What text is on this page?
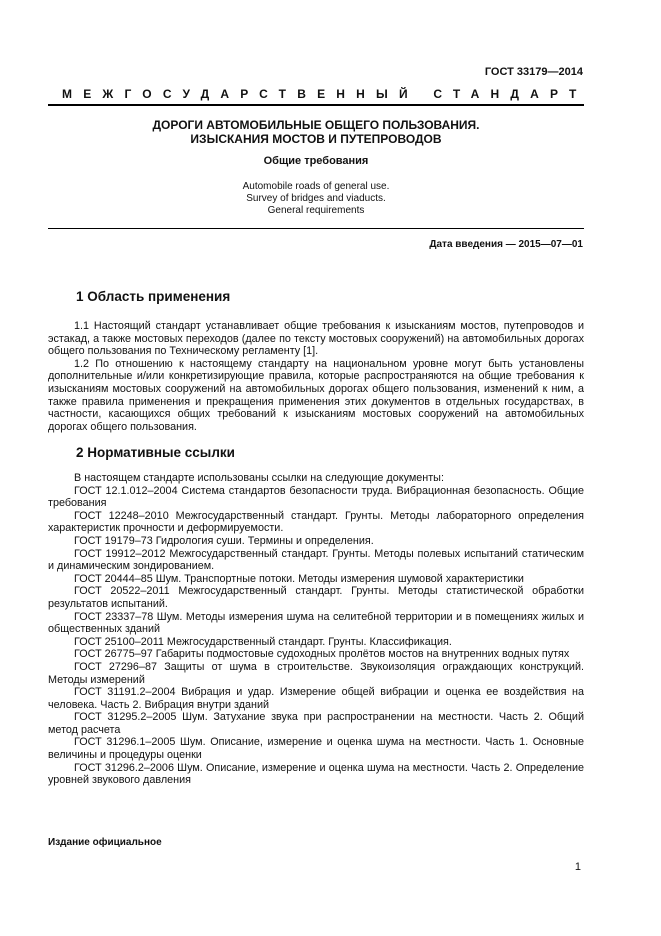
ГОСТ 33179—2014
МЕЖГОСУДАРСТВЕННЫЙ СТАНДАРТ
ДОРОГИ АВТОМОБИЛЬНЫЕ ОБЩЕГО ПОЛЬЗОВАНИЯ.
ИЗЫСКАНИЯ МОСТОВ И ПУТЕПРОВОДОВ
Общие требования
Automobile roads of general use.
Survey of bridges and viaducts.
General requirements
Дата введения — 2015—07—01
1 Область применения

1.1 Настоящий стандарт устанавливает общие требования к изысканиям мостов, путепроводов и эстакад, а также мостовых переходов (далее по тексту мостовых сооружений) на автомобильных дорогах общего пользования по Техническому регламенту [1].

1.2 По отношению к настоящему стандарту на национальном уровне могут быть установлены дополнительные и/или конкретизирующие правила, которые распространяются на общие требования к изысканиям мостовых сооружений на автомобильных дорогах общего пользования, изменений к ним, а также правила применения и прекращения применения этих документов в отдельных государствах, в частности, касающихся общих требований к изысканиям мостовых сооружений на автомобильных дорогах общего пользования.

2 Нормативные ссылки

В настоящем стандарте использованы ссылки на следующие документы:

ГОСТ 12.1.012–2004 Система стандартов безопасности труда. Вибрационная безопасность. Общие требования

ГОСТ 12248–2010 Межгосударственный стандарт. Грунты. Методы лабораторного определения характеристик прочности и деформируемости.

ГОСТ 19179–73 Гидрология суши. Термины и определения.

ГОСТ 19912–2012 Межгосударственный стандарт. Грунты. Методы полевых испытаний статическим и динамическим зондированием.

ГОСТ 20444–85 Шум. Транспортные потоки. Методы измерения шумовой характеристики

ГОСТ 20522–2011 Межгосударственный стандарт. Грунты. Методы статистической обработки результатов испытаний.

ГОСТ 23337–78 Шум. Методы измерения шума на селитебной территории и в помещениях жилых и общественных зданий

ГОСТ 25100–2011 Межгосударственный стандарт. Грунты. Классификация.

ГОСТ 26775–97 Габариты подмостовые судоходных пролётов мостов на внутренних водных путях

ГОСТ 27296–87 Защиты от шума в строительстве. Звукоизоляция ограждающих конструкций. Методы измерений

ГОСТ 31191.2–2004 Вибрация и удар. Измерение общей вибрации и оценка ее воздействия на человека. Часть 2. Вибрация внутри зданий

ГОСТ 31295.2–2005 Шум. Затухание звука при распространении на местности. Часть 2. Общий метод расчета

ГОСТ 31296.1–2005 Шум. Описание, измерение и оценка шума на местности. Часть 1. Основные величины и процедуры оценки

ГОСТ 31296.2–2006 Шум. Описание, измерение и оценка шума на местности. Часть 2. Определение уровней звукового давления

Издание официальное
1
